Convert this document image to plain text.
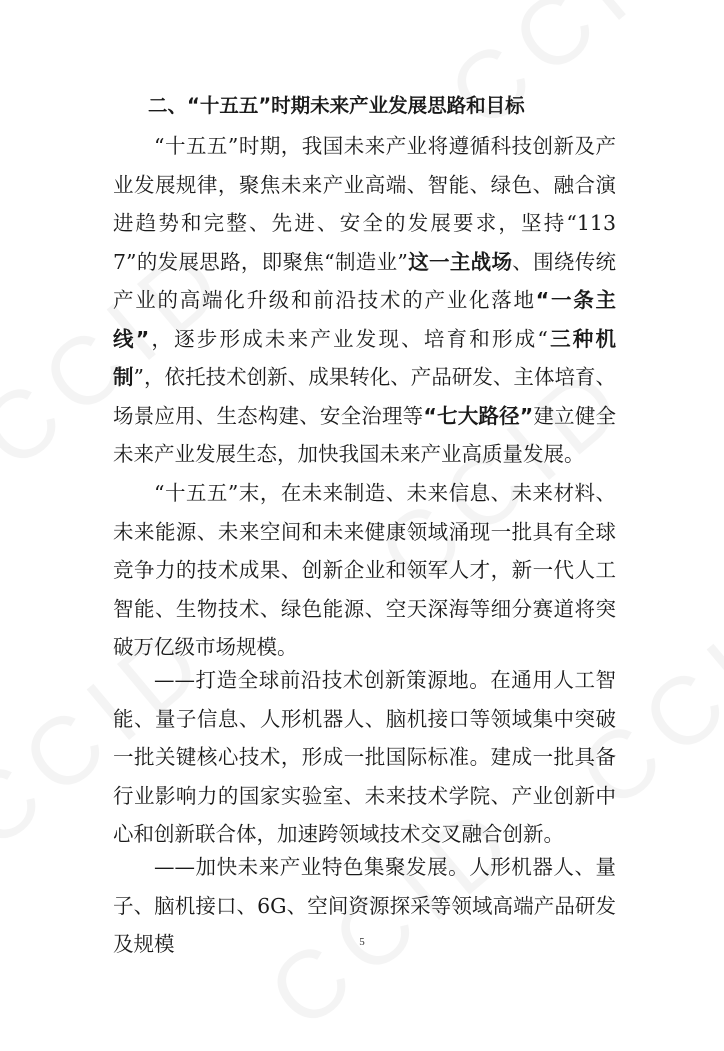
二、“十五五”时期未来产业发展思路和目标

“十五五”时期，我国未来产业将遵循科技创新及产业发展规律，聚焦未来产业高端、智能、绿色、融合演进趋势和完整、先进、安全的发展要求，坚持“1137”的发展思路，即聚焦“制造业”这一主战场、围绕传统产业的高端化升级和前沿技术的产业化落地“一条主线”，逐步形成未来产业发现、培育和形成“三种机制”，依托技术创新、成果转化、产品研发、主体培育、场景应用、生态构建、安全治理等“七大路径”建立健全未来产业发展生态，加快我国未来产业高质量发展。

“十五五”末，在未来制造、未来信息、未来材料、未来能源、未来空间和未来健康领域涌现一批具有全球竞争力的技术成果、创新企业和领军人才，新一代人工智能、生物技术、绿色能源、空天深海等细分赛道将突破万亿级市场规模。

——打造全球前沿技术创新策源地。在通用人工智能、量子信息、人形机器人、脑机接口等领域集中突破一批关键核心技术，形成一批国际标准。建成一批具备行业影响力的国家实验室、未来技术学院、产业创新中心和创新联合体，加速跨领域技术交叉融合创新。

——加快未来产业特色集聚发展。人形机器人、量子、脑机接口、6G、空间资源探采等领域高端产品研发及规模	5
